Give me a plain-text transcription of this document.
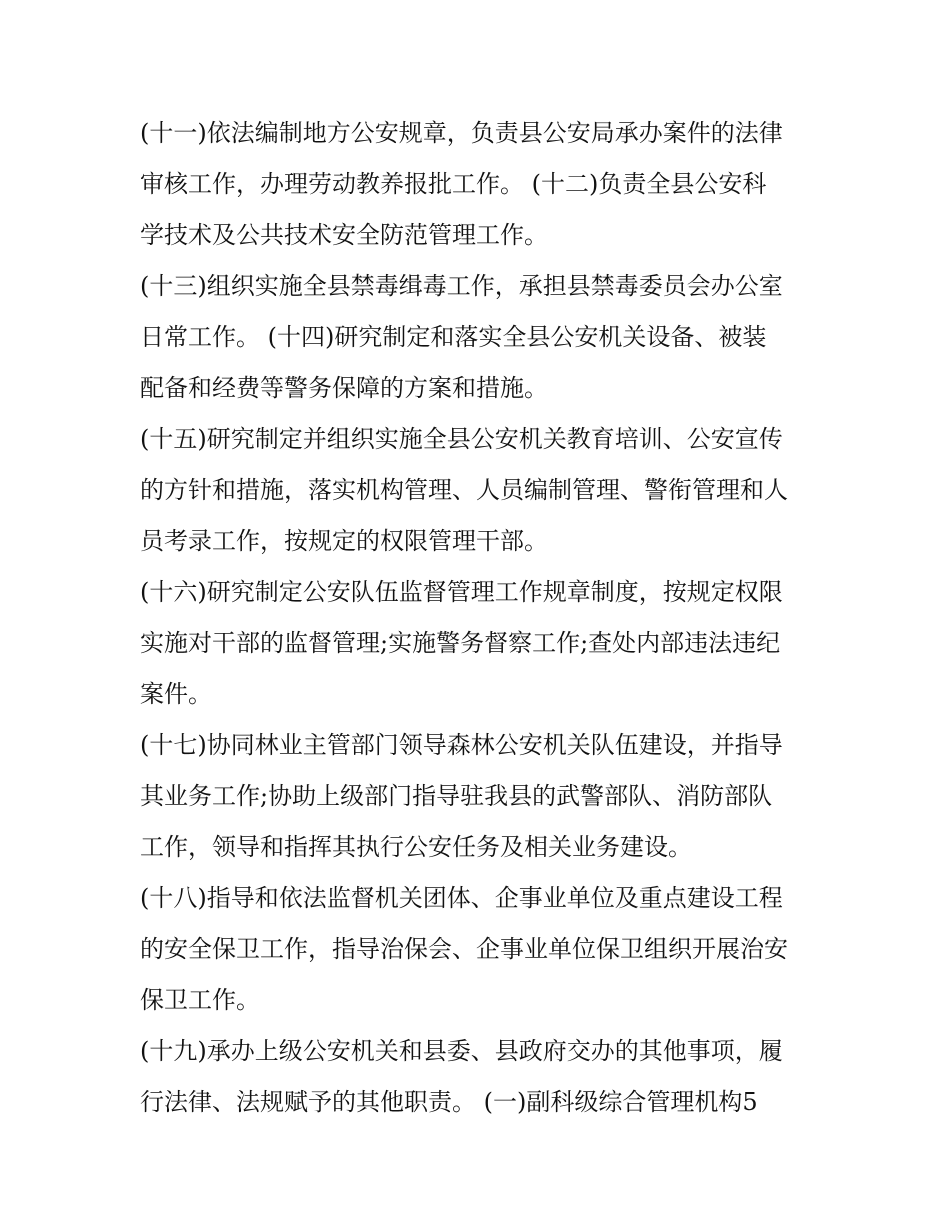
(十一)依法编制地方公安规章，负责县公安局承办案件的法律
审核工作，办理劳动教养报批工作。 (十二)负责全县公安科
学技术及公共技术安全防范管理工作。
(十三)组织实施全县禁毒缉毒工作，承担县禁毒委员会办公室
日常工作。 (十四)研究制定和落实全县公安机关设备、被装
配备和经费等警务保障的方案和措施。
(十五)研究制定并组织实施全县公安机关教育培训、公安宣传
的方针和措施，落实机构管理、人员编制管理、警衔管理和人
员考录工作，按规定的权限管理干部。
(十六)研究制定公安队伍监督管理工作规章制度，按规定权限
实施对干部的监督管理;实施警务督察工作;查处内部违法违纪
案件。
(十七)协同林业主管部门领导森林公安机关队伍建设，并指导
其业务工作;协助上级部门指导驻我县的武警部队、消防部队
工作，领导和指挥其执行公安任务及相关业务建设。
(十八)指导和依法监督机关团体、企事业单位及重点建设工程
的安全保卫工作，指导治保会、企事业单位保卫组织开展治安
保卫工作。
(十九)承办上级公安机关和县委、县政府交办的其他事项，履
行法律、法规赋予的其他职责。 (一)副科级综合管理机构5
